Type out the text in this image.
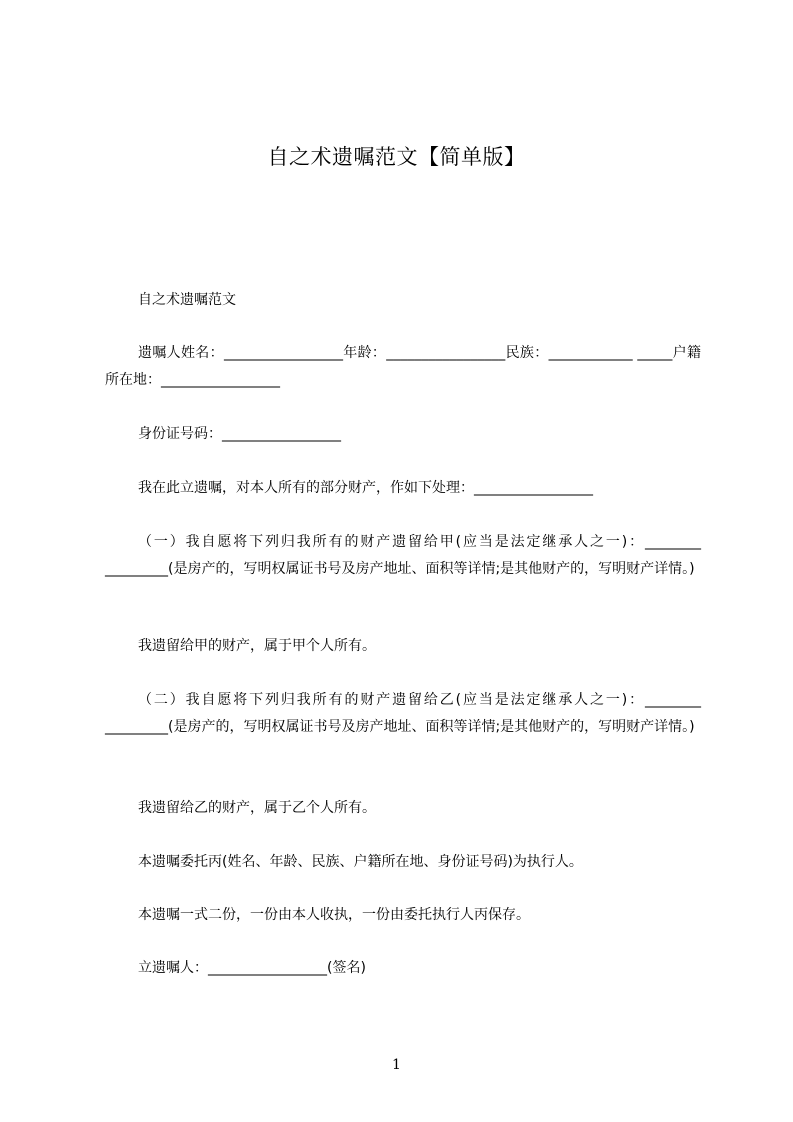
自之术遗嘱范文【简单版】

自之术遗嘱范文

遗嘱人姓名：_________________年龄：_________________民族：____________ _____户籍所在地：_________________

身份证号码：_________________

我在此立遗嘱，对本人所有的部分财产，作如下处理：_________________

（一）我自愿将下列归我所有的财产遗留给甲(应当是法定继承人之一)：________ _________(是房产的，写明权属证书号及房产地址、面积等详情;是其他财产的，写明财产详情。)

我遗留给甲的财产，属于甲个人所有。

（二）我自愿将下列归我所有的财产遗留给乙(应当是法定继承人之一)：________ _________(是房产的，写明权属证书号及房产地址、面积等详情;是其他财产的，写明财产详情。)

我遗留给乙的财产，属于乙个人所有。

本遗嘱委托丙(姓名、年龄、民族、户籍所在地、身份证号码)为执行人。

本遗嘱一式二份，一份由本人收执，一份由委托执行人丙保存。

立遗嘱人：_________________(签名)

1
